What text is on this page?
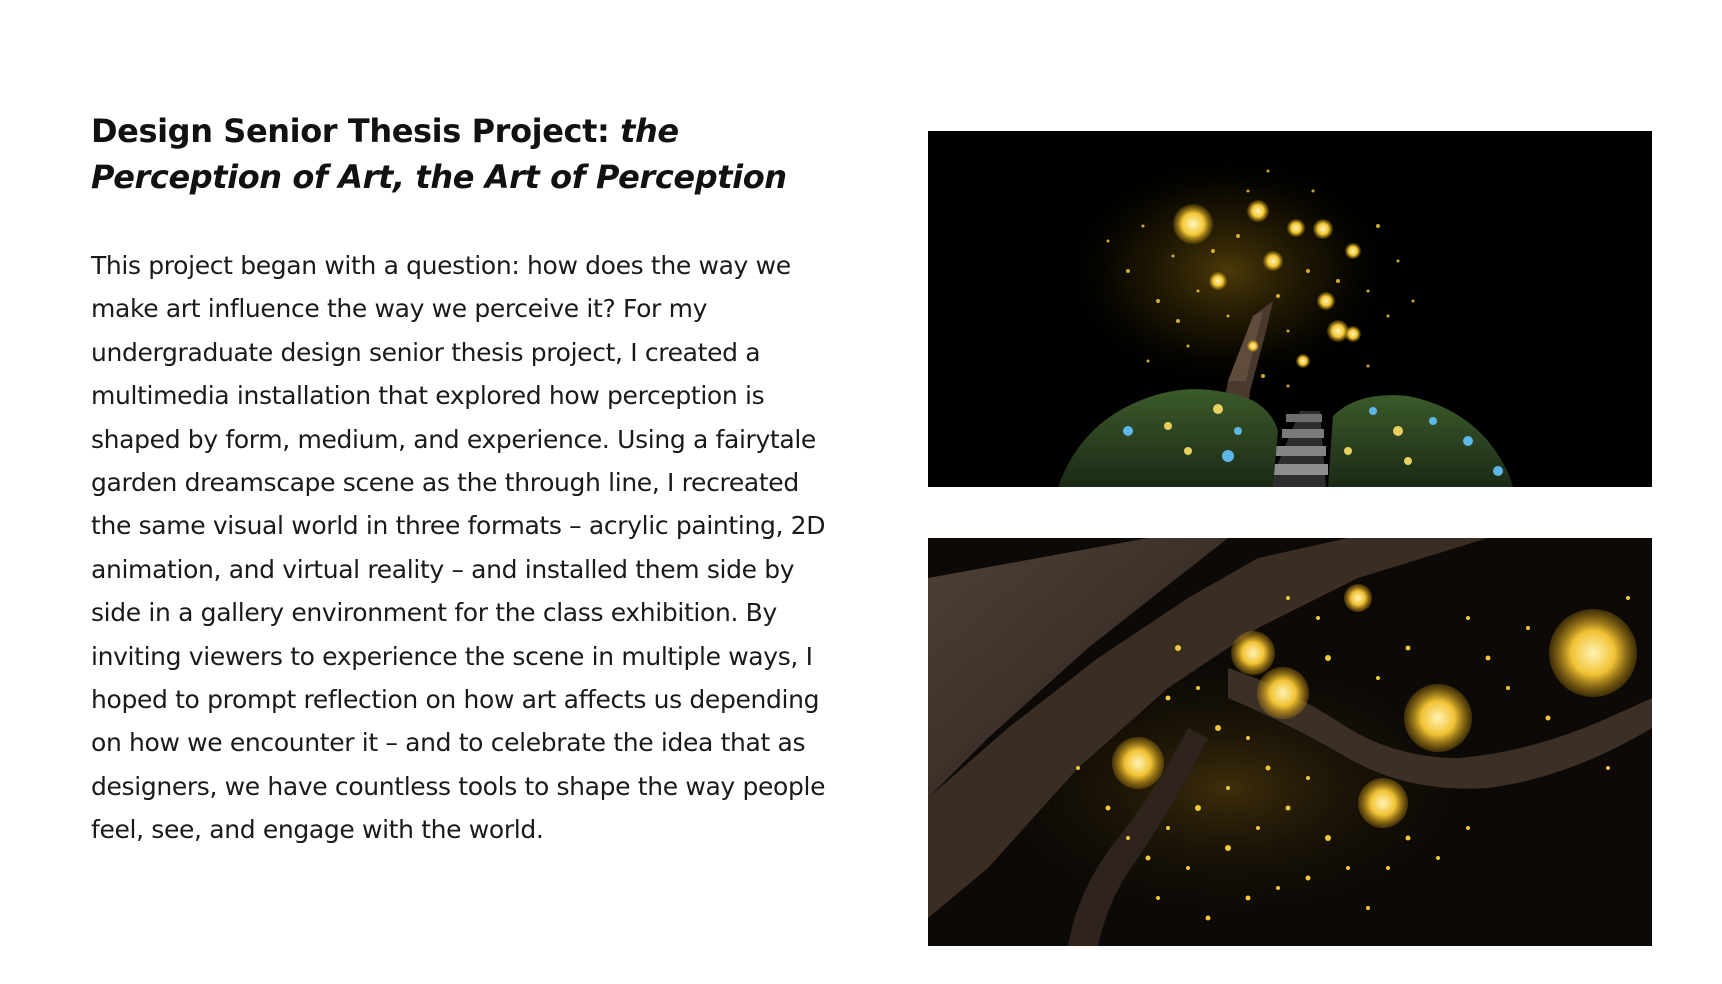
Design Senior Thesis Project: the Perception of Art, the Art of Perception

This project began with a question: how does the way we make art influence the way we perceive it? For my undergraduate design senior thesis project, I created a multimedia installation that explored how perception is shaped by form, medium, and experience. Using a fairytale garden dreamscape scene as the through line, I recreated the same visual world in three formats – acrylic painting, 2D animation, and virtual reality – and installed them side by side in a gallery environment for the class exhibition. By inviting viewers to experience the scene in multiple ways, I hoped to prompt reflection on how art affects us depending on how we encounter it – and to celebrate the idea that as designers, we have countless tools to shape the way people feel, see, and engage with the world.
